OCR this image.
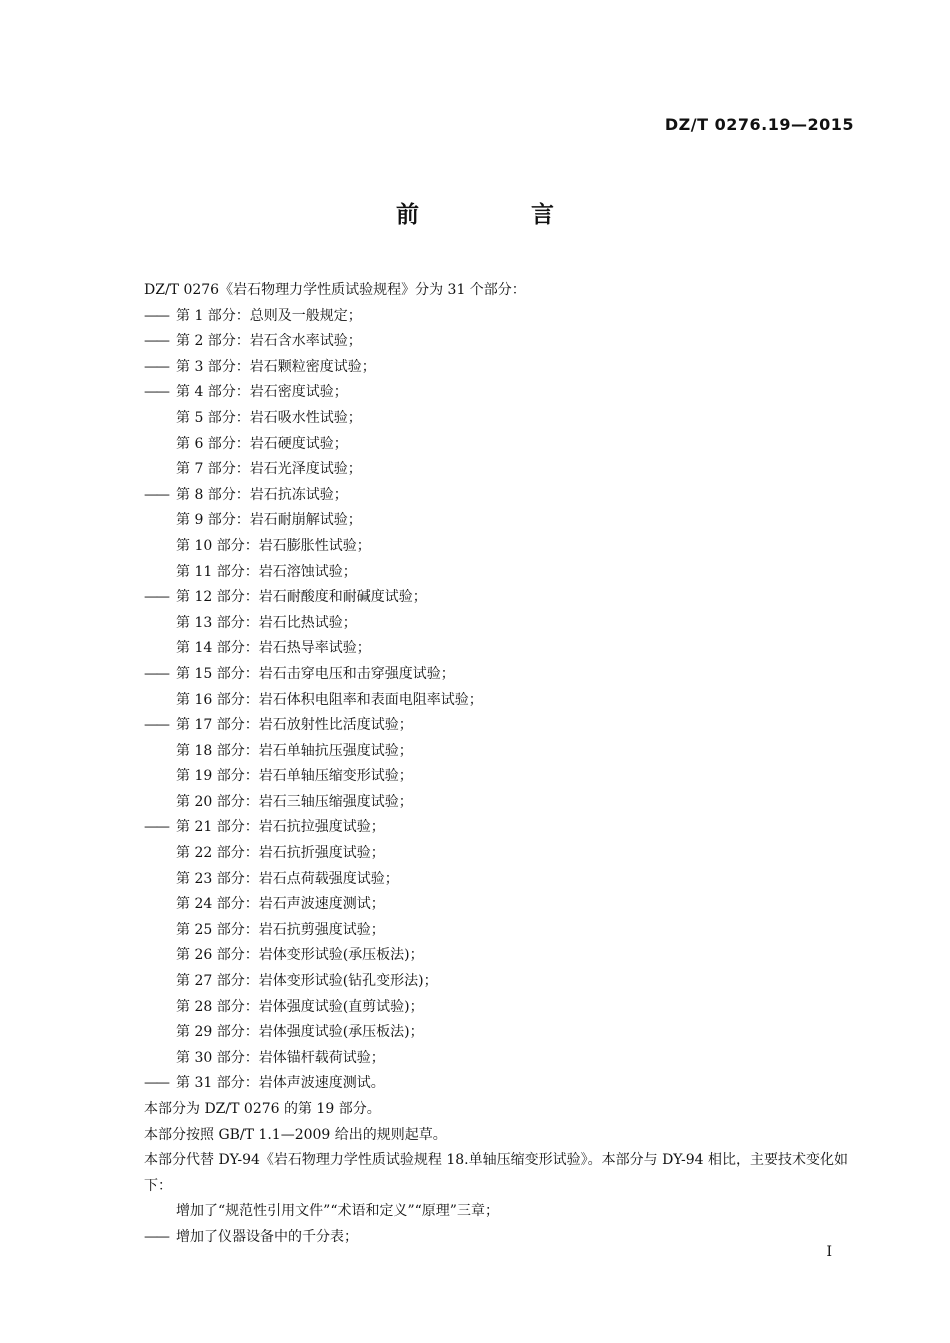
DZ/T 0276.19—2015
前 言
DZ/T 0276《岩石物理力学性质试验规程》分为 31 个部分：
—— 第 1 部分：总则及一般规定；
—— 第 2 部分：岩石含水率试验；
—— 第 3 部分：岩石颗粒密度试验；
—— 第 4 部分：岩石密度试验；
第 5 部分：岩石吸水性试验；
第 6 部分：岩石硬度试验；
第 7 部分：岩石光泽度试验；
—— 第 8 部分：岩石抗冻试验；
第 9 部分：岩石耐崩解试验；
第 10 部分：岩石膨胀性试验；
第 11 部分：岩石溶蚀试验；
—— 第 12 部分：岩石耐酸度和耐碱度试验；
第 13 部分：岩石比热试验；
第 14 部分：岩石热导率试验；
—— 第 15 部分：岩石击穿电压和击穿强度试验；
第 16 部分：岩石体积电阻率和表面电阻率试验；
—— 第 17 部分：岩石放射性比活度试验；
第 18 部分：岩石单轴抗压强度试验；
第 19 部分：岩石单轴压缩变形试验；
第 20 部分：岩石三轴压缩强度试验；
—— 第 21 部分：岩石抗拉强度试验；
第 22 部分：岩石抗折强度试验；
第 23 部分：岩石点荷载强度试验；
第 24 部分：岩石声波速度测试；
第 25 部分：岩石抗剪强度试验；
第 26 部分：岩体变形试验(承压板法)；
第 27 部分：岩体变形试验(钻孔变形法)；
第 28 部分：岩体强度试验(直剪试验)；
第 29 部分：岩体强度试验(承压板法)；
第 30 部分：岩体锚杆载荷试验；
—— 第 31 部分：岩体声波速度测试。
本部分为 DZ/T 0276 的第 19 部分。
本部分按照 GB/T 1.1—2009 给出的规则起草。
本部分代替 DY-94《岩石物理力学性质试验规程 18.单轴压缩变形试验》。本部分与 DY-94 相比，主要技术变化如下：
增加了“规范性引用文件”“术语和定义”“原理”三章；
—— 增加了仪器设备中的千分表；
I
